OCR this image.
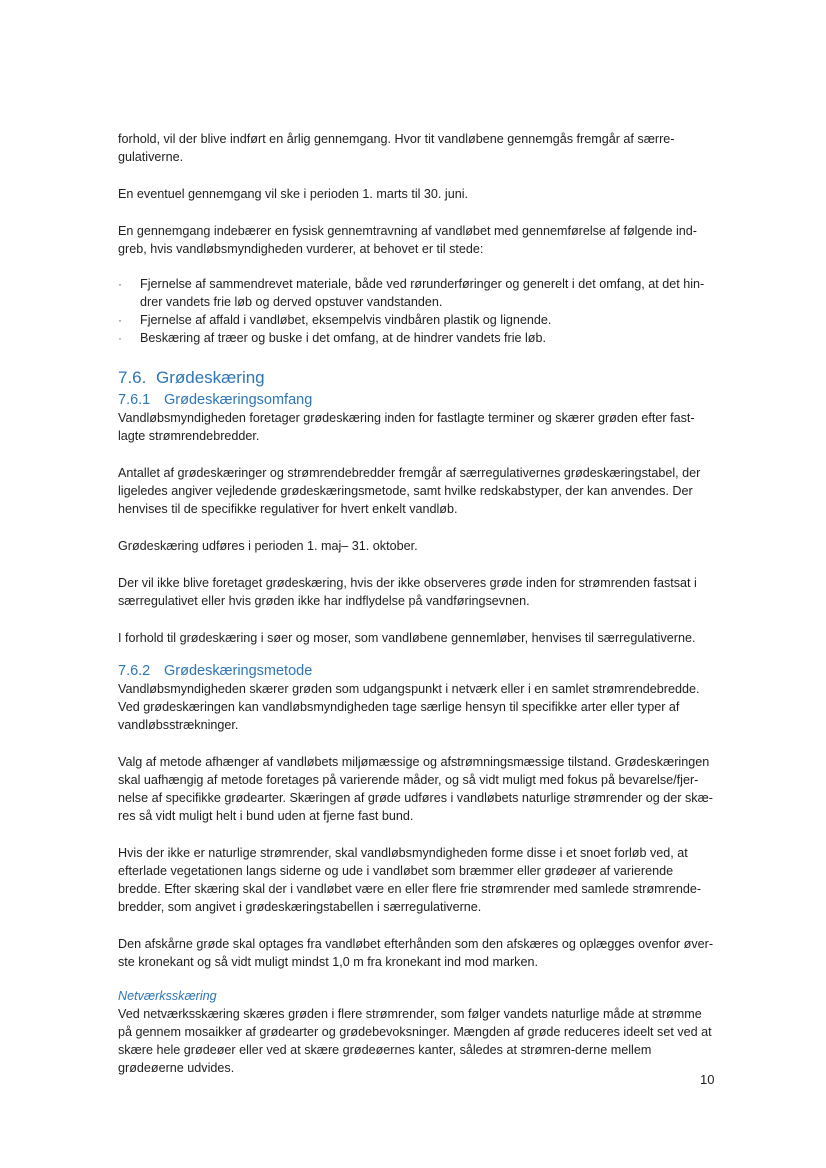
forhold, vil der blive indført en årlig gennemgang. Hvor tit vandløbene gennemgås fremgår af særre-gulativerne.

En eventuel gennemgang vil ske i perioden 1. marts til 30. juni.

En gennemgang indebærer en fysisk gennemtravning af vandløbet med gennemførelse af følgende ind-greb, hvis vandløbsmyndigheden vurderer, at behovet er til stede:

· Fjernelse af sammendrevet materiale, både ved rørunderføringer og generelt i det omfang, at det hin-drer vandets frie løb og derved opstuver vandstanden.
· Fjernelse af affald i vandløbet, eksempelvis vindbåren plastik og lignende.
· Beskæring af træer og buske i det omfang, at de hindrer vandets frie løb.
7.6. Grødeskæring
7.6.1 Grødeskæringsomfang

Vandløbsmyndigheden foretager grødeskæring inden for fastlagte terminer og skærer grøden efter fast-lagte strømrendebredder.

Antallet af grødeskæringer og strømrendebredder fremgår af særregulativernes grødeskæringstabel, der ligeledes angiver vejledende grødeskæringsmetode, samt hvilke redskabstyper, der kan anvendes. Der henvises til de specifikke regulativer for hvert enkelt vandløb.

Grødeskæring udføres i perioden 1. maj– 31. oktober.

Der vil ikke blive foretaget grødeskæring, hvis der ikke observeres grøde inden for strømrenden fastsat i særregulativet eller hvis grøden ikke har indflydelse på vandføringsevnen.

I forhold til grødeskæring i søer og moser, som vandløbene gennemløber, henvises til særregulativerne.

7.6.2 Grødeskæringsmetode

Vandløbsmyndigheden skærer grøden som udgangspunkt i netværk eller i en samlet strømrendebredde. Ved grødeskæringen kan vandløbsmyndigheden tage særlige hensyn til specifikke arter eller typer af vandløbsstrækninger.

Valg af metode afhænger af vandløbets miljømæssige og afstrømningsmæssige tilstand. Grødeskæringen skal uafhængig af metode foretages på varierende måder, og så vidt muligt med fokus på bevarelse/fjer-nelse af specifikke grødearter. Skæringen af grøde udføres i vandløbets naturlige strømrender og der skæ-res så vidt muligt helt i bund uden at fjerne fast bund.

Hvis der ikke er naturlige strømrender, skal vandløbsmyndigheden forme disse i et snoet forløb ved, at efterlade vegetationen langs siderne og ude i vandløbet som bræmmer eller grødeøer af varierende bredde. Efter skæring skal der i vandløbet være en eller flere frie strømrender med samlede strømrende-bredder, som angivet i grødeskæringstabellen i særregulativerne.

Den afskårne grøde skal optages fra vandløbet efterhånden som den afskæres og oplægges ovenfor øver-ste kronekant og så vidt muligt mindst 1,0 m fra kronekant ind mod marken.

Netværksskæring

Ved netværksskæring skæres grøden i flere strømrender, som følger vandets naturlige måde at strømme på gennem mosaikker af grødearter og grødebevoksninger. Mængden af grøde reduceres ideelt set ved at skære hele grødeøer eller ved at skære grødeøernes kanter, således at strømren-derne mellem grødeøerne udvides.

10
